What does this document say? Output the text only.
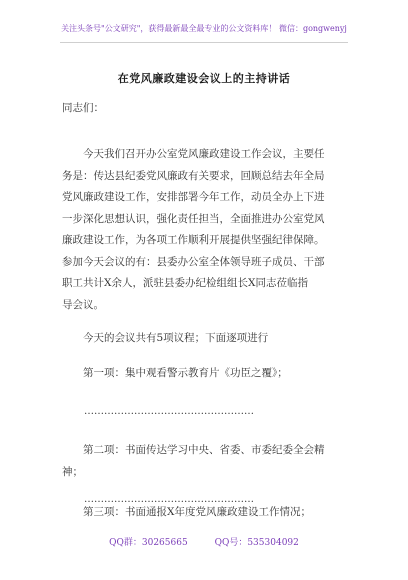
关注头条号"公文研究"，获得最新最全最专业的公文资料库！ 微信：gongwenyj
在党风廉政建设会议上的主持讲话
同志们：
　　今天我们召开办公室党风廉政建设工作会议，主要任
务是：传达县纪委党风廉政有关要求，回顾总结去年全局
党风廉政建设工作，安排部署今年工作，动员全办上下进
一步深化思想认识，强化责任担当，全面推进办公室党风
廉政建设工作，为各项工作顺利开展提供坚强纪律保障。
参加今天会议的有：县委办公室全体领导班子成员、干部
职工共计X余人，派驻县委办纪检组组长X同志莅临指
导会议。
　　今天的会议共有5项议程；下面逐项进行
　　第一项：集中观看警示教育片《功臣之覆》；
……………………………………………
　　第二项：书面传达学习中央、省委、市委纪委全会精
神；
……………………………………………
　　第三项：书面通报X年度党风廉政建设工作情况；
QQ群：30265665	QQ号：535304092
